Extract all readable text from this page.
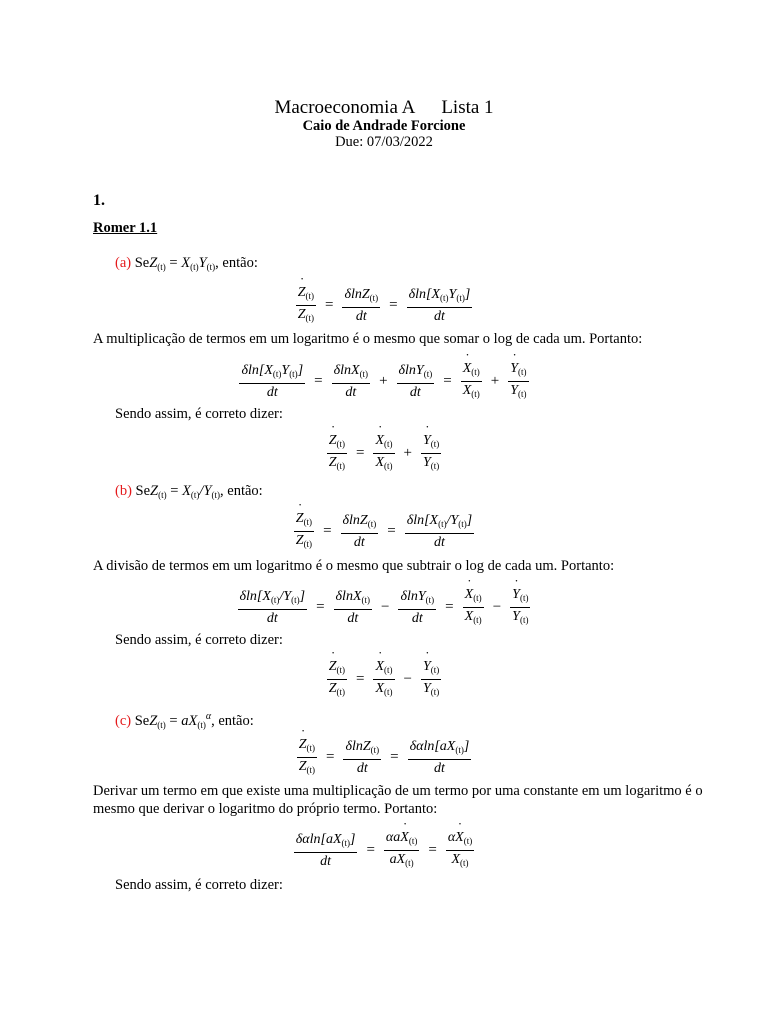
Macroeconomia A Lista 1
Caio de Andrade Forcione
Due: 07/03/2022
1.
Romer 1.1
(a) $SeZ_{(t)} = X_{(t)}Y_{(t)}$, então:
˙ $\frac{Z_{(t)}}{Z_{(t)}} = \frac{\delta\ln Z_{(t)}}{dt} = \frac{\delta\ln[X_{(t)}Y_{(t)}]}{dt}$
A multiplicação de termos em um logaritmo é o mesmo que somar o log de cada um. Portanto:
$\frac{\delta\ln[X_{(t)}Y_{(t)}]}{dt} = \frac{\delta\ln X_{(t)}}{dt} + \frac{\delta\ln Y_{(t)}}{dt}$ = ˙ $\frac{X_{(t)}}{X_{(t)}}$ + ˙ $\frac{Y_{(t)}}{Y_{(t)}}$
Sendo assim, é correto dizer:
˙ $\frac{Z_{(t)}}{Z_{(t)}}$ = ˙ $\frac{X_{(t)}}{X_{(t)}}$ + ˙ $\frac{Y_{(t)}}{Y_{(t)}}$
(b) $SeZ_{(t)} = X_{(t)}/Y_{(t)}$, então:
˙ $\frac{Z_{(t)}}{Z_{(t)}} = \frac{\delta\ln Z_{(t)}}{dt} = \frac{\delta\ln[X_{(t)}/Y_{(t)}]}{dt}$
A divisão de termos em um logaritmo é o mesmo que subtrair o log de cada um. Portanto:
$\frac{\delta\ln[X_{(t)}/Y_{(t)}]}{dt} = \frac{\delta\ln X_{(t)}}{dt} - \frac{\delta\ln Y_{(t)}}{dt}$ = ˙ $\frac{X_{(t)}}{X_{(t)}}$ − ˙ $\frac{Y_{(t)}}{Y_{(t)}}$
Sendo assim, é correto dizer:
˙ $\frac{Z_{(t)}}{Z_{(t)}}$ = ˙ $\frac{X_{(t)}}{X_{(t)}}$ − ˙ $\frac{Y_{(t)}}{Y_{(t)}}$
(c) $SeZ_{(t)} = aX_{(t)}^\alpha$, então:
˙ $\frac{Z_{(t)}}{Z_{(t)}} = \frac{\delta\ln Z_{(t)}}{dt} = \frac{\delta\alpha\ln[aX_{(t)}]}{dt}$
Derivar um termo em que existe uma multiplicação de um termo por uma constante em um logaritmo é o
mesmo que derivar o logaritmo do próprio termo. Portanto:
$\frac{\delta\alpha\ln[aX_{(t)}]}{dt} = \frac{\alpha a˙ X_{(t)}}{aX_{(t)}} = \frac{\alpha˙ X_{(t)}}{X_{(t)}}$
Sendo assim, é correto dizer:
